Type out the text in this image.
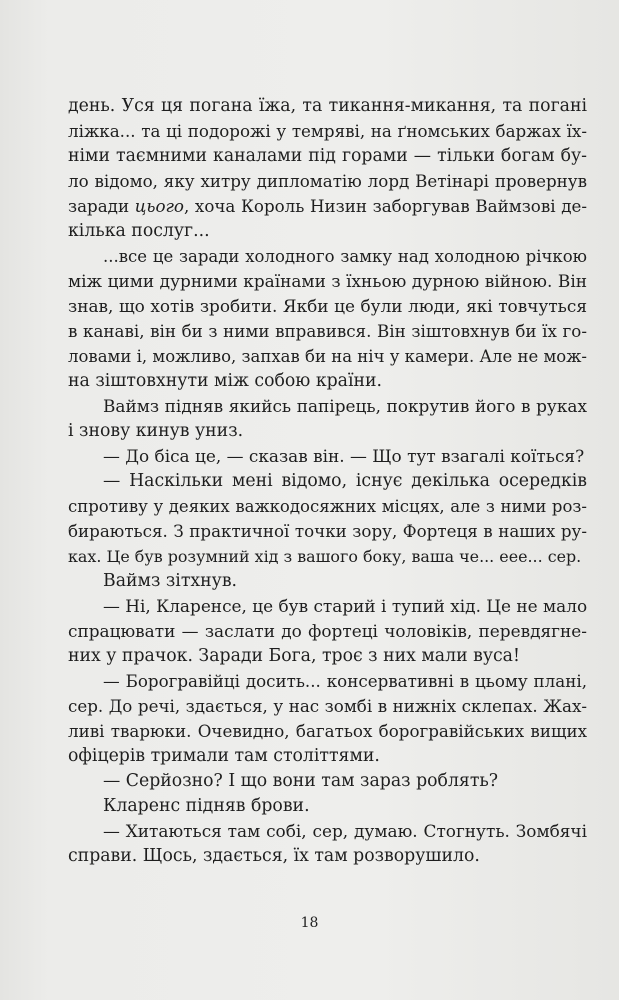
день. Уся ця погана їжа, та тикання-микання, та погані
ліжка... та ці подорожі у темряві, на ґномських баржах їх-
німи таємними каналами під горами — тільки богам бу-
ло відомо, яку хитру дипломатію лорд Ветінарі провернув
заради цього, хоча Король Низин заборгував Ваймзові де-
кілька послуг...
...все це заради холодного замку над холодною річкою
між цими дурними країнами з їхньою дурною війною. Він
знав, що хотів зробити. Якби це були люди, які товчуться
в канаві, він би з ними вправився. Він зіштовхнув би їх го-
ловами і, можливо, запхав би на ніч у камери. Але не мож-
на зіштовхнути між собою країни.
Ваймз підняв якийсь папірець, покрутив його в руках
і знову кинув униз.
— До біса це, — сказав він. — Що тут взагалі коїться?
— Наскільки мені відомо, існує декілька осередків
спротиву у деяких важкодосяжних місцях, але з ними роз-
бираються. З практичної точки зору, Фортеця в наших ру-
ках. Це був розумний хід з вашого боку, ваша че... еее... сер.
Ваймз зітхнув.
— Ні, Кларенсе, це був старий і тупий хід. Це не мало
спрацювати — заслати до фортеці чоловіків, перевдягне-
них у прачок. Заради Бога, троє з них мали вуса!
— Борогравійці досить... консервативні в цьому плані,
сер. До речі, здається, у нас зомбі в нижніх склепах. Жах-
ливі тварюки. Очевидно, багатьох борогравійських вищих
офіцерів тримали там століттями.
— Серйозно? І що вони там зараз роблять?
Кларенс підняв брови.
— Хитаються там собі, сер, думаю. Стогнуть. Зомбячі
справи. Щось, здається, їх там розворушило.
18
